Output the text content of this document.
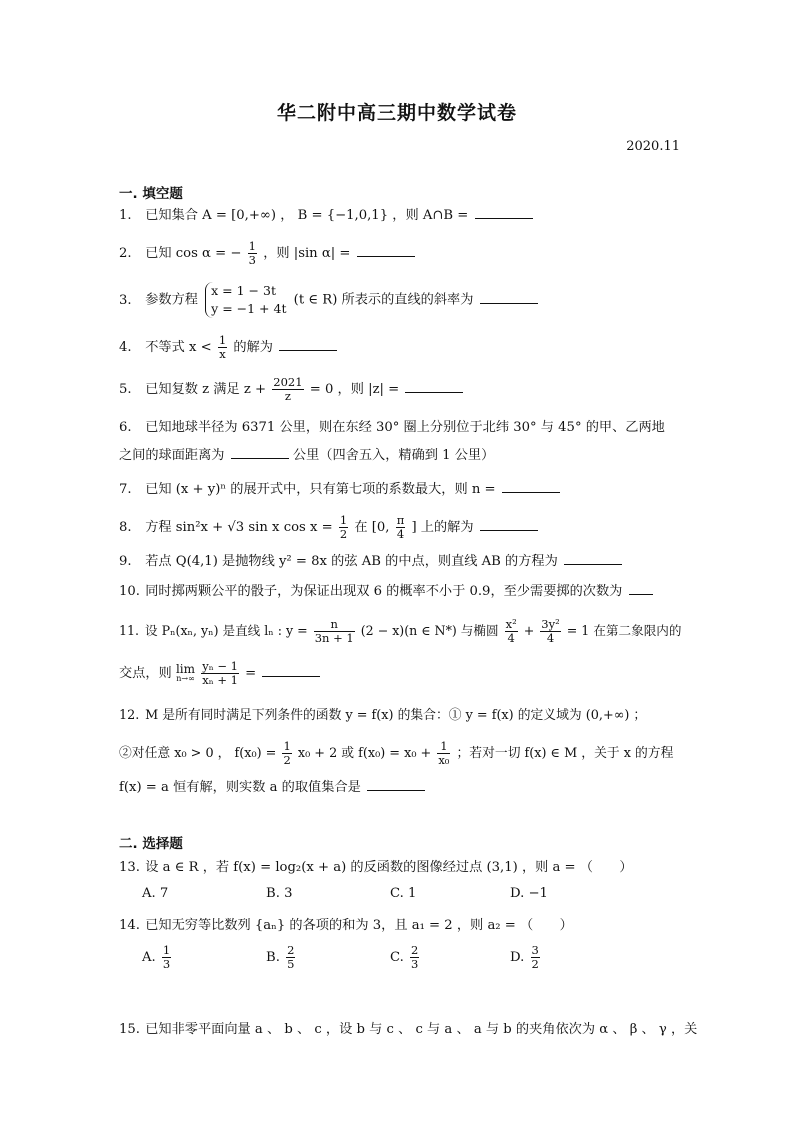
华二附中高三期中数学试卷
2020.11
一. 填空题
1. 已知集合 A = [0,+∞) ， B = {−1,0,1} ，则 A∩B =
2. 已知 cos α = − $\frac{1}{3}$ ，则 |sin α| =
3. 参数方程
x = 1 − 3t
y = −1 + 4t
(t ∈ R) 所表示的直线的斜率为
4. 不等式 $x < \frac{1}{x}$ 的解为
5. 已知复数 z 满足 $z + \frac{2021}{z} = 0$ ，则 |z| =
6. 已知地球半径为 6371 公里，则在东经 30° 圈上分别位于北纬 30° 与 45° 的甲、乙两地
之间的球面距离为	公里（四舍五入，精确到 1 公里）
7. 已知 (x + y)ⁿ 的展开式中，只有第七项的系数最大，则 n =
8. 方程 sin²x + √3 sin x $\cos x = \frac{1}{2}$ 在 [0, $\frac{\pi}{4}$ ] 上的解为
9. 若点 Q(4,1) 是抛物线 y² = 8x 的弦 AB 的中点，则直线 AB 的方程为
10. 同时掷两颗公平的骰子，为保证出现双 6 的概率不小于 0.9，至少需要掷的次数为
11. 设 Pₙ(xₙ, yₙ) 是直线 lₙ : $y = \frac{n}{3n + 1} (2 - x)(n$ ∈ N*) 与椭圆 $\frac{\text{x²}}{4} + \frac{\text{3y²}}{4} = 1$ 在第二象限内的
交点，则 lim
n→∞
$\frac{\text{yₙ − 1}}{\text{xₙ + 1}}$ =
12. M 是所有同时满足下列条件的函数 y = f(x) 的集合：① y = f(x) 的定义域为 (0,+∞) ；
②对任意 x₀ > 0 ， $f(x_0) = \frac{1}{2} x_0 + 2$ 或 $f(x_0) = x_0 + \frac{1}{\text{x₀}}$ ；若对一切 f(x) ∈ M ，关于 x 的方程
f(x) = a 恒有解，则实数 a 的取值集合是
二. 选择题
13. 设 a ∈ R ，若 f(x) = log₂(x + a) 的反函数的图像经过点 (3,1) ，则 a = （　　）
A. 7	B. 3	C. 1	D. −1
14. 已知无穷等比数列 {aₙ} 的各项的和为 3，且 a₁ = 2 ，则 a₂ = （　　）
A. $\frac{1}{3}$	B. $\frac{2}{5}$	C. $\frac{2}{3}$	D. $\frac{3}{2}$
15. 已知非零平面向量 a 、 b 、 c ，设 b 与 c 、 c 与 a 、 a 与 b 的夹角依次为 α 、 β 、 γ ，关
